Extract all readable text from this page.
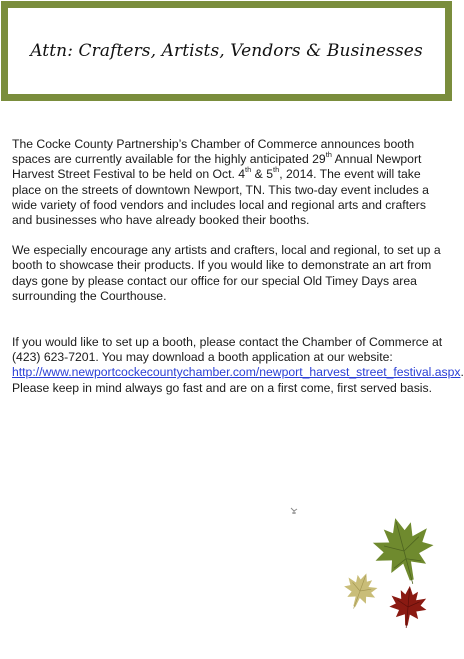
Attn: Crafters, Artists, Vendors & Businesses

The Cocke County Partnership’s Chamber of Commerce announces booth spaces are currently available for the highly anticipated 29th Annual Newport Harvest Street Festival to be held on Oct. 4th & 5th, 2014. The event will take place on the streets of downtown Newport, TN. This two-day event includes a wide variety of food vendors and includes local and regional arts and crafters and businesses who have already booked their booths.

We especially encourage any artists and crafters, local and regional, to set up a booth to showcase their products. If you would like to demonstrate an art from days gone by please contact our office for our special Old Timey Days area surrounding the Courthouse.

If you would like to set up a booth, please contact the Chamber of Commerce at (423) 623-7201. You may download a booth application at our website: http://www.newportcockecountychamber.com/newport_harvest_street_festival.aspx. Please keep in mind always go fast and are on a first come, first served basis.
